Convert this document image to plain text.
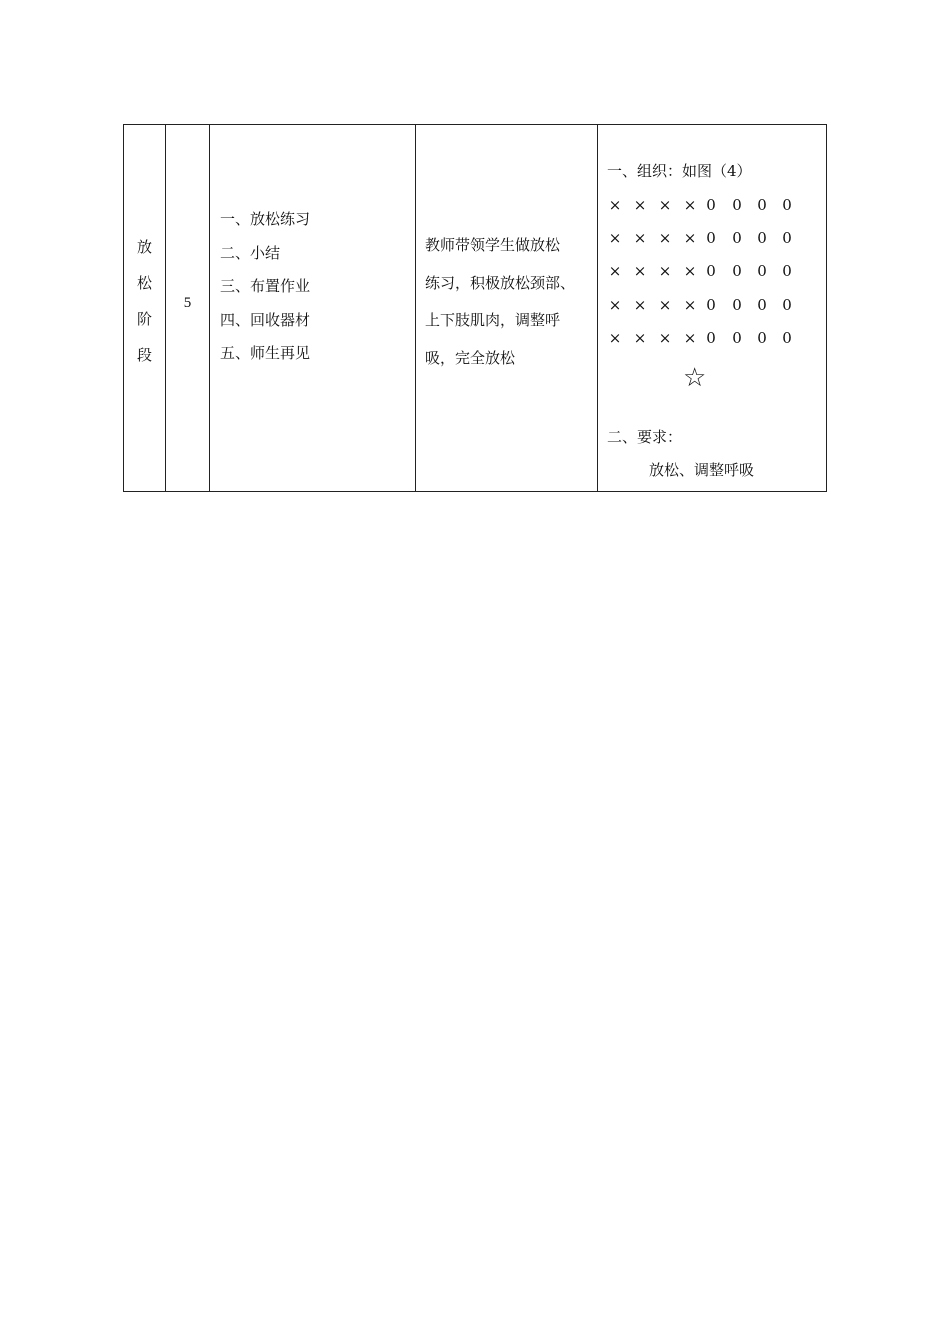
放
松
阶
段
5
一、放松练习
二、小结
三、布置作业
四、回收器材
五、师生再见
教师带领学生做放松
练习，积极放松颈部、
上下肢肌肉，调整呼
吸，完全放松
一、组织：如图（4）
× × × × 0 0 0 0
× × × × 0 0 0 0
× × × × 0 0 0 0
× × × × 0 0 0 0
× × × × 0 0 0 0
☆
二、要求：
放松、调整呼吸
